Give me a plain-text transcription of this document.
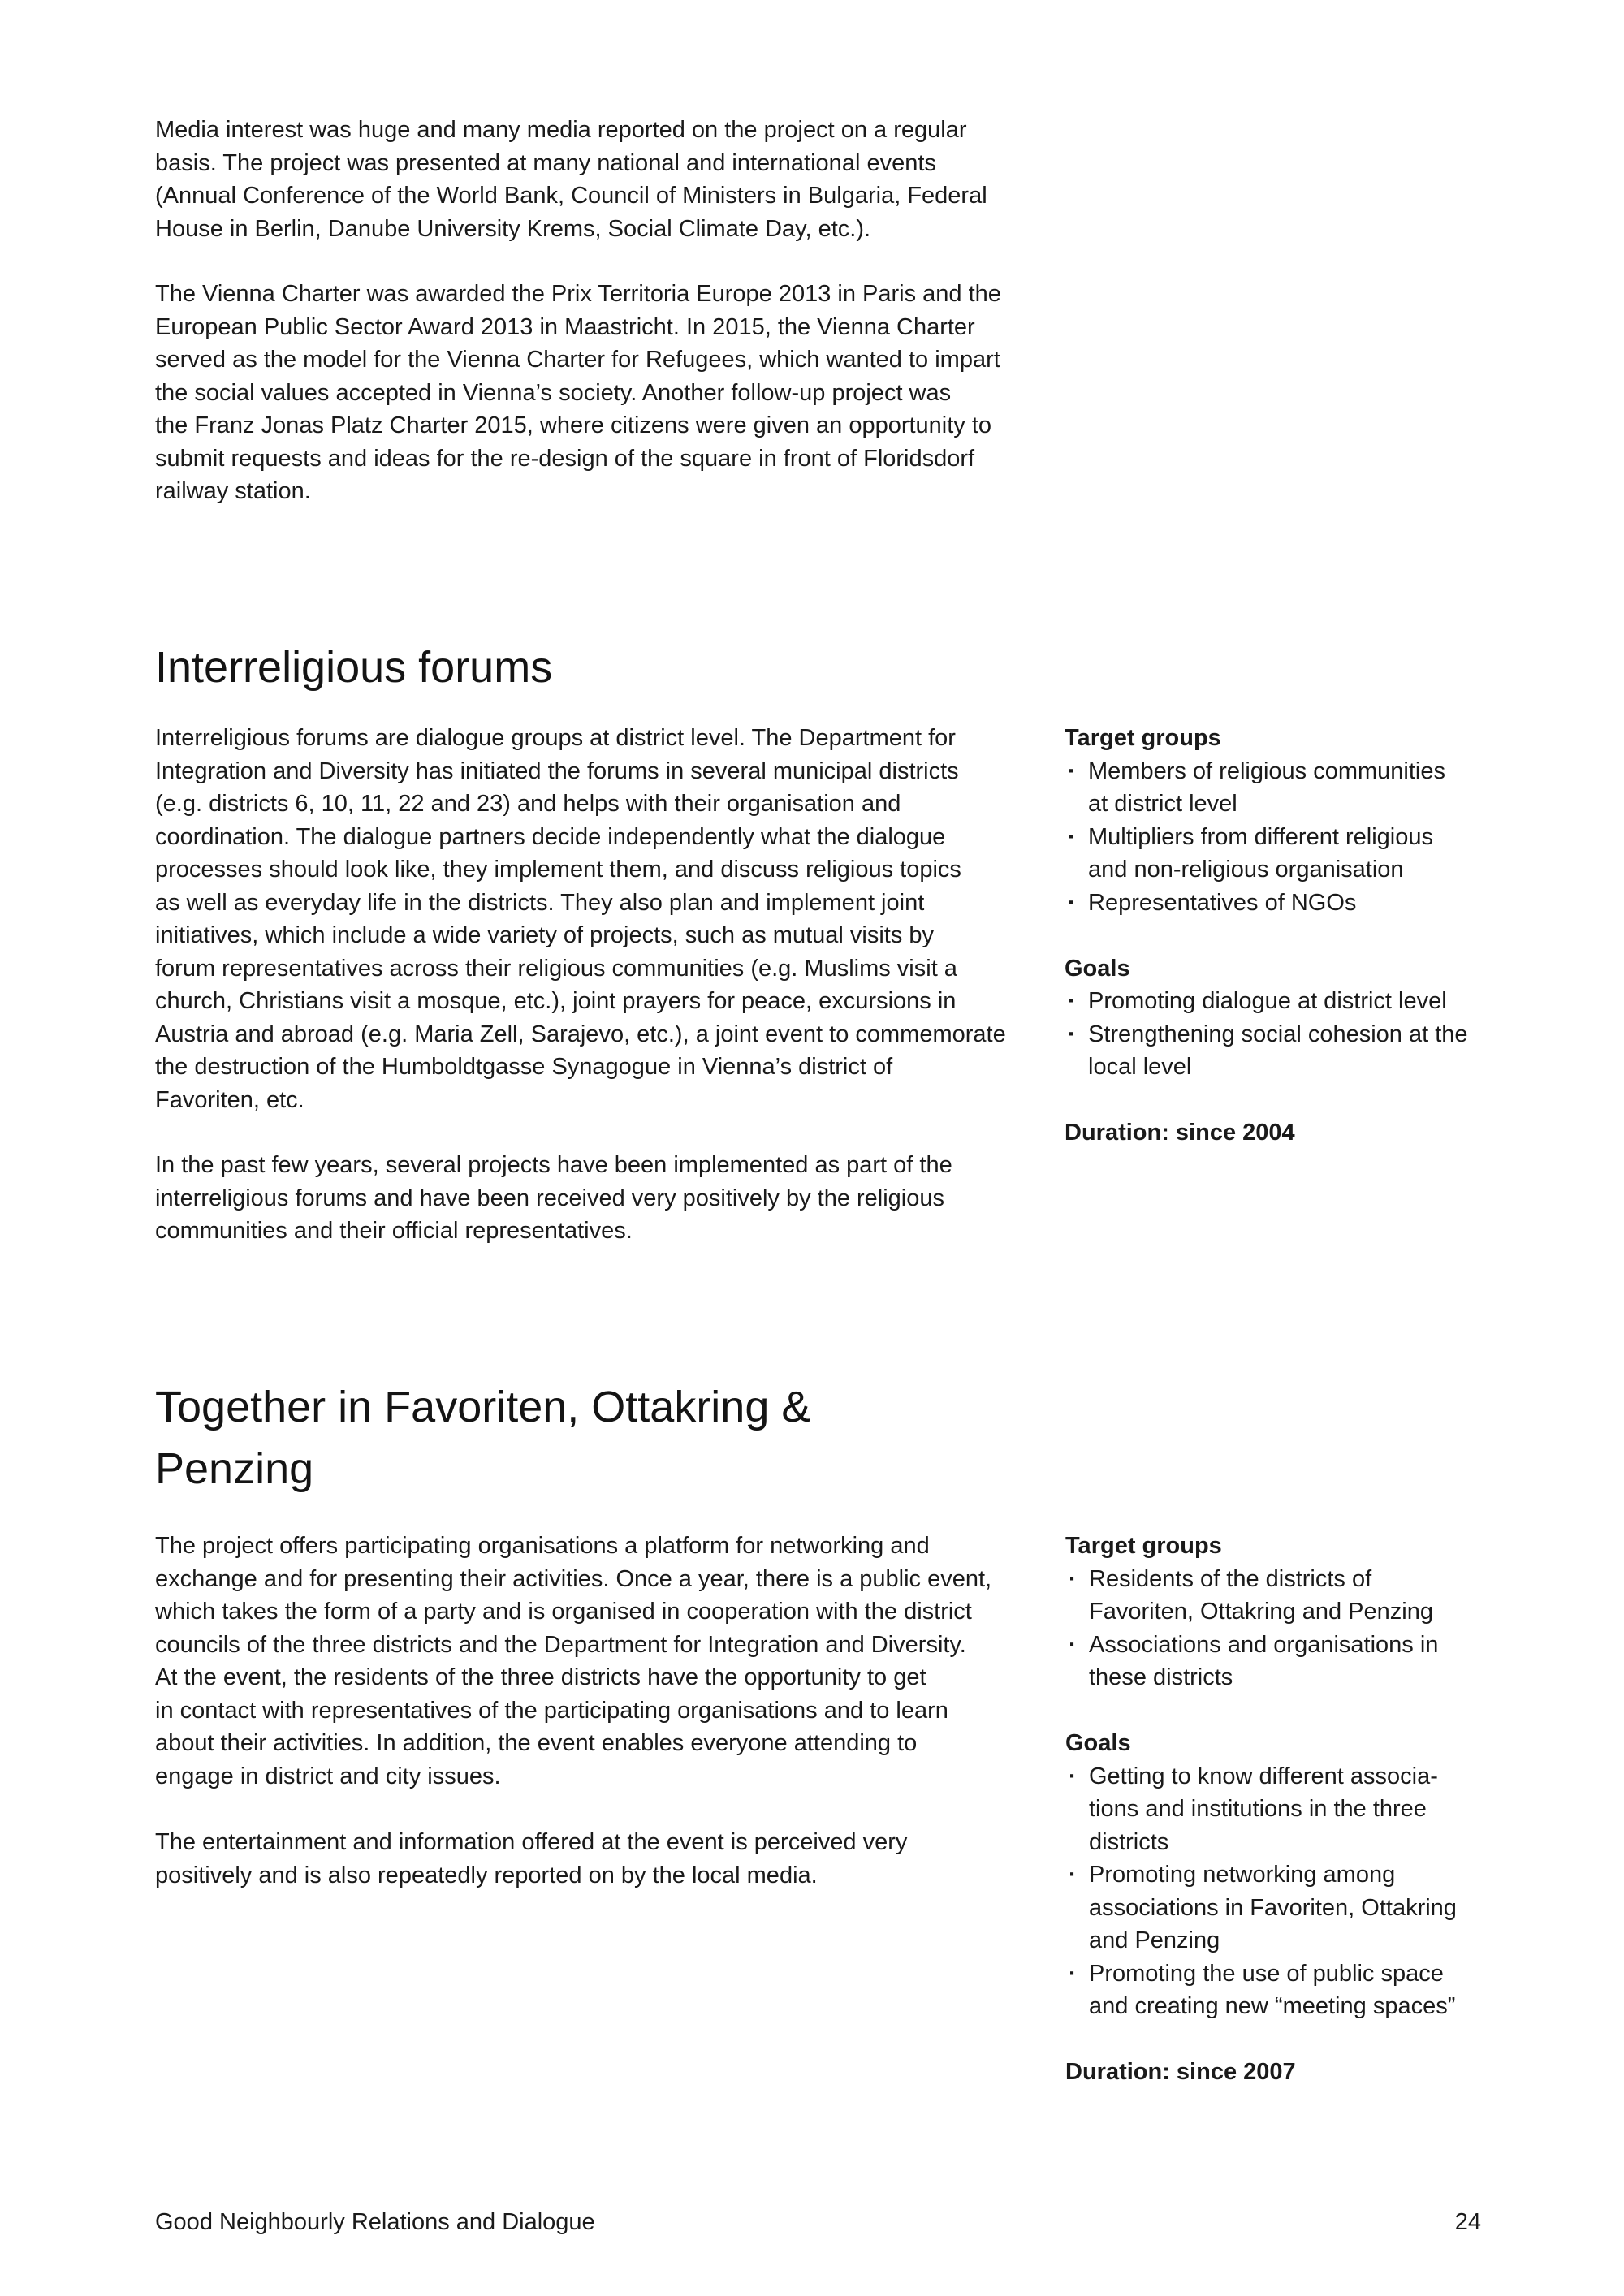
Media interest was huge and many media reported on the project on a regular
basis. The project was presented at many national and international events
(Annual Conference of the World Bank, Council of Ministers in Bulgaria, Federal
House in Berlin, Danube University Krems, Social Climate Day, etc.).

The Vienna Charter was awarded the Prix Territoria Europe 2013 in Paris and the
European Public Sector Award 2013 in Maastricht. In 2015, the Vienna Charter
served as the model for the Vienna Charter for Refugees, which wanted to impart
the social values accepted in Vienna’s society. Another follow-up project was
the Franz Jonas Platz Charter 2015, where citizens were given an opportunity to
submit requests and ideas for the re-design of the square in front of Floridsdorf
railway station.

Interreligious forums

Interreligious forums are dialogue groups at district level. The Department for
Integration and Diversity has initiated the forums in several municipal districts
(e.g. districts 6, 10, 11, 22 and 23) and helps with their organisation and
coordination. The dialogue partners decide independently what the dialogue
processes should look like, they implement them, and discuss religious topics
as well as everyday life in the districts. They also plan and implement joint
initiatives, which include a wide variety of projects, such as mutual visits by
forum representatives across their religious communities (e.g. Muslims visit a
church, Christians visit a mosque, etc.), joint prayers for peace, excursions in
Austria and abroad (e.g. Maria Zell, Sarajevo, etc.), a joint event to commemorate
the destruction of the Humboldtgasse Synagogue in Vienna’s district of
Favoriten, etc.

In the past few years, several projects have been implemented as part of the
interreligious forums and have been received very positively by the religious
communities and their official representatives.

Target groups

· Members of religious communities
at district level
· Multipliers from different religious
and non-religious organisation
· Representatives of NGOs

Goals

· Promoting dialogue at district level
· Strengthening social cohesion at the
local level

Duration: since 2004

Together in Favoriten, Ottakring &
Penzing

The project offers participating organisations a platform for networking and
exchange and for presenting their activities. Once a year, there is a public event,
which takes the form of a party and is organised in cooperation with the district
councils of the three districts and the Department for Integration and Diversity.
At the event, the residents of the three districts have the opportunity to get
in contact with representatives of the participating organisations and to learn
about their activities. In addition, the event enables everyone attending to
engage in district and city issues.

The entertainment and information offered at the event is perceived very
positively and is also repeatedly reported on by the local media.

Target groups

· Residents of the districts of
Favoriten, Ottakring and Penzing
· Associations and organisations in
these districts

Goals

· Getting to know different associa-
tions and institutions in the three
districts
· Promoting networking among
associations in Favoriten, Ottakring
and Penzing
· Promoting the use of public space
and creating new “meeting spaces”

Duration: since 2007

Good Neighbourly Relations and Dialogue	24
